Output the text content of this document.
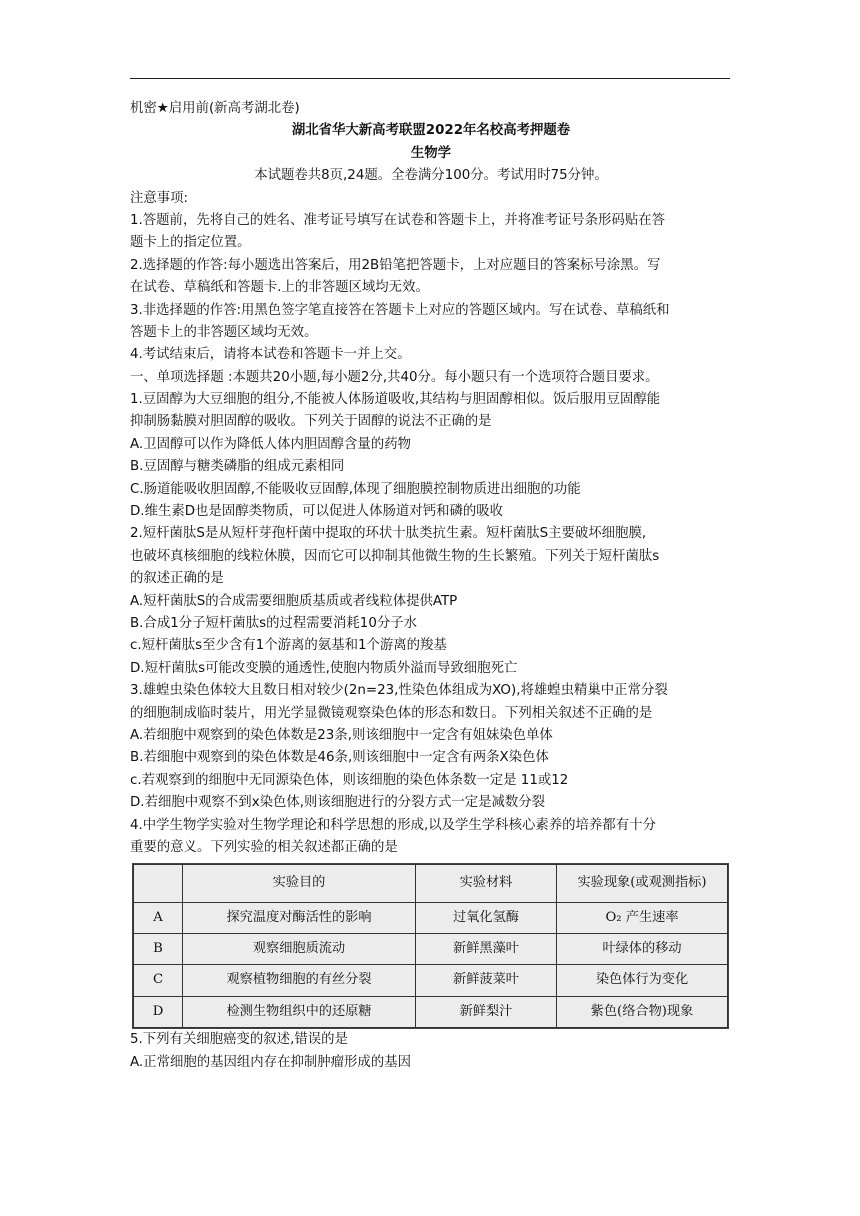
机密★启用前(新高考湖北卷)
湖北省华大新高考联盟2022年名校高考押题卷
生物学
本试题卷共8页,24题。全卷满分100分。考试用时75分钟。
注意事项:
1.答题前，先将自己的姓名、准考证号填写在试卷和答题卡上，并将准考证号条形码贴在答
题卡上的指定位置。
2.选择题的作答:每小题选出答案后，用2B铅笔把答题卡，上对应题目的答案标号涂黑。写
在试卷、草稿纸和答题卡.上的非答题区域均无效。
3.非选择题的作答:用黑色签字笔直接答在答题卡上对应的答题区域内。写在试卷、草稿纸和
答题卡上的非答题区域均无效。
4.考试结束后，请将本试卷和答题卡一并上交。
一、单项选择题 :本题共20小题,每小题2分,共40分。每小题只有一个选项符合题目要求。
1.豆固醇为大豆细胞的组分,不能被人体肠道吸收,其结构与胆固醇相似。饭后服用豆固醇能
抑制肠黏膜对胆固醇的吸收。下列关于固醇的说法不正确的是
A.卫固醇可以作为降低人体内胆固醇含量的药物
B.豆固醇与糖类磷脂的组成元素相同
C.肠道能吸收胆固醇,不能吸收豆固醇,体现了细胞膜控制物质进出细胞的功能
D.维生素D也是固醇类物质，可以促进人体肠道对钙和磷的吸收
2.短杆菌肽S是从短杆芽孢杆菌中提取的环状十肽类抗生素。短杆菌肽S主要破坏细胞膜,
也破坏真核细胞的线粒休膜，因而它可以抑制其他微生物的生长繁殖。下列关于短杆菌肽s
的叙述正确的是
A.短杆菌肽S的合成需要细胞质基质或者线粒体提供ATP
B.合成1分子短杆菌肽s的过程需要消耗10分子水
c.短杆菌肽s至少含有1个游离的氨基和1个游离的羧基
D.短杆菌肽s可能改变膜的通透性,使胞内物质外溢而导致细胞死亡
3.雄蝗虫染色体较大且数日相对较少(2n=23,性染色体组成为XO),将雄蝗虫精巢中正常分裂
的细胞制成临时装片，用光学显微镜观察染色体的形态和数日。下列相关叙述不正确的是
A.若细胞中观察到的染色体数是23条,则该细胞中一定含有姐妹染色单体
B.若细胞中观察到的染色体数是46条,则该细胞中一定含有两条X染色体
c.若观察到的细胞中无同源染色体，则该细胞的染色体条数一定是 11或12
D.若细胞中观察不到x染色体,则该细胞进行的分裂方式一定是减数分裂
4.中学生物学实验对生物学理论和科学思想的形成,以及学生学科核心素养的培养都有十分
重要的意义。下列实验的相关叙述都正确的是
	实验目的	实验材料	实验现象(或观测指标)
A	探究温度对酶活性的影响	过氧化氢酶	O₂ 产生速率
B	观察细胞质流动	新鲜黑藻叶	叶绿体的移动
C	观察植物细胞的有丝分裂	新鲜菠菜叶	染色体行为变化
D	检测生物组织中的还原糖	新鲜梨汁	紫色(络合物)现象
5.下列有关细胞癌变的叙述,错误的是
A.正常细胞的基因组内存在抑制肿瘤形成的基因
